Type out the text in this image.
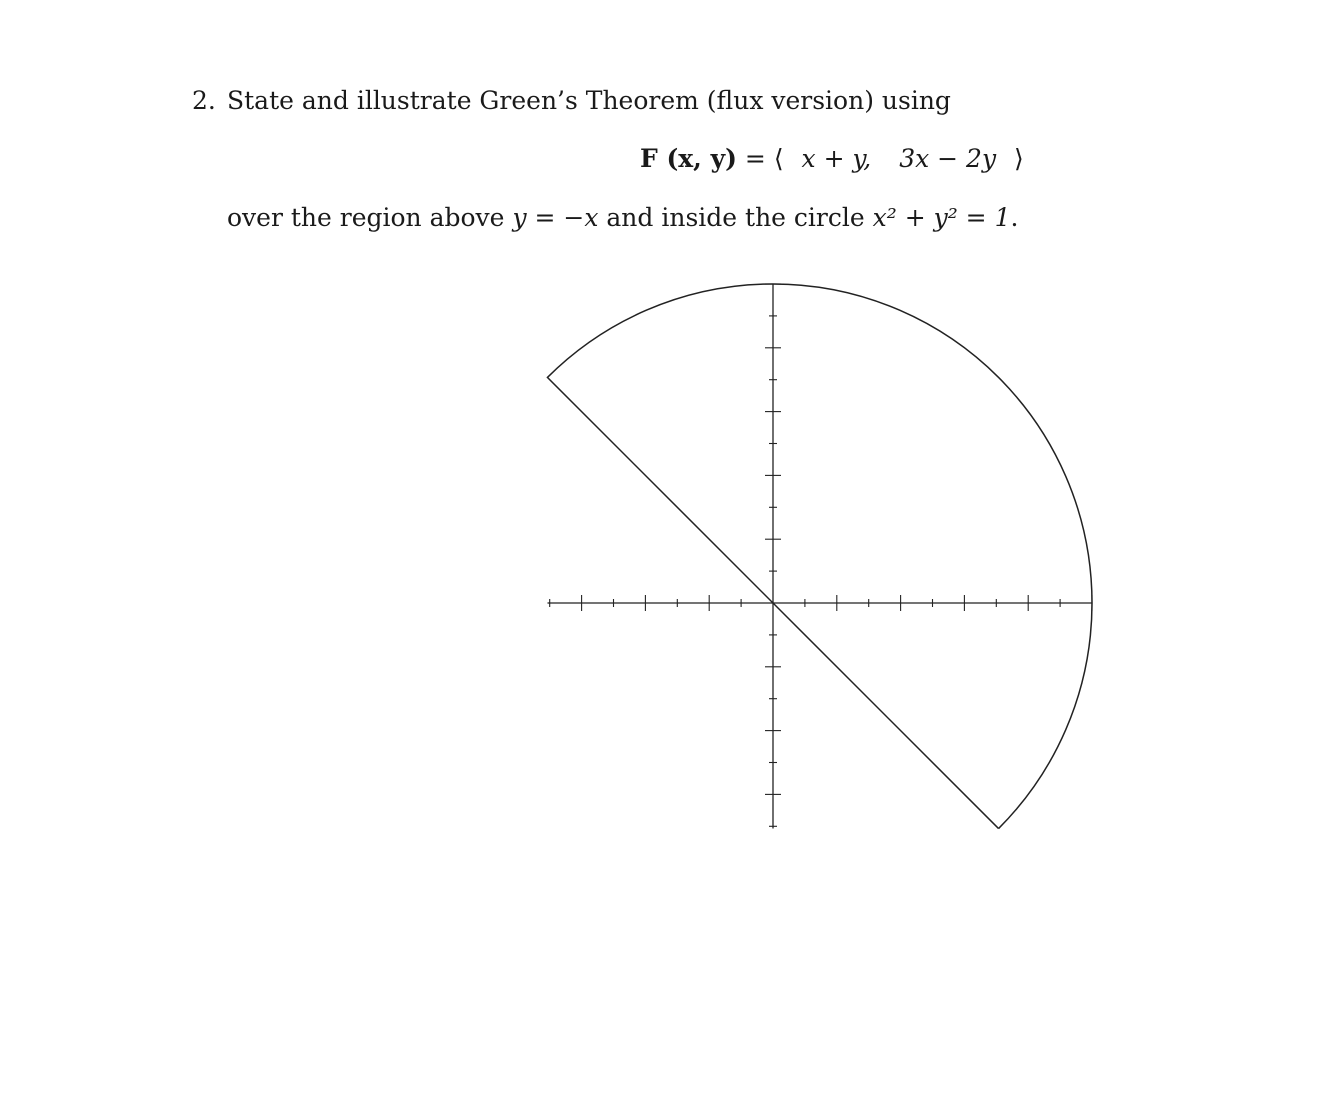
2. State and illustrate Green’s Theorem (flux version) using
F (x, y) = ⟨ x + y, 3x − 2y ⟩
over the region above y = −x and inside the circle x² + y² = 1.
